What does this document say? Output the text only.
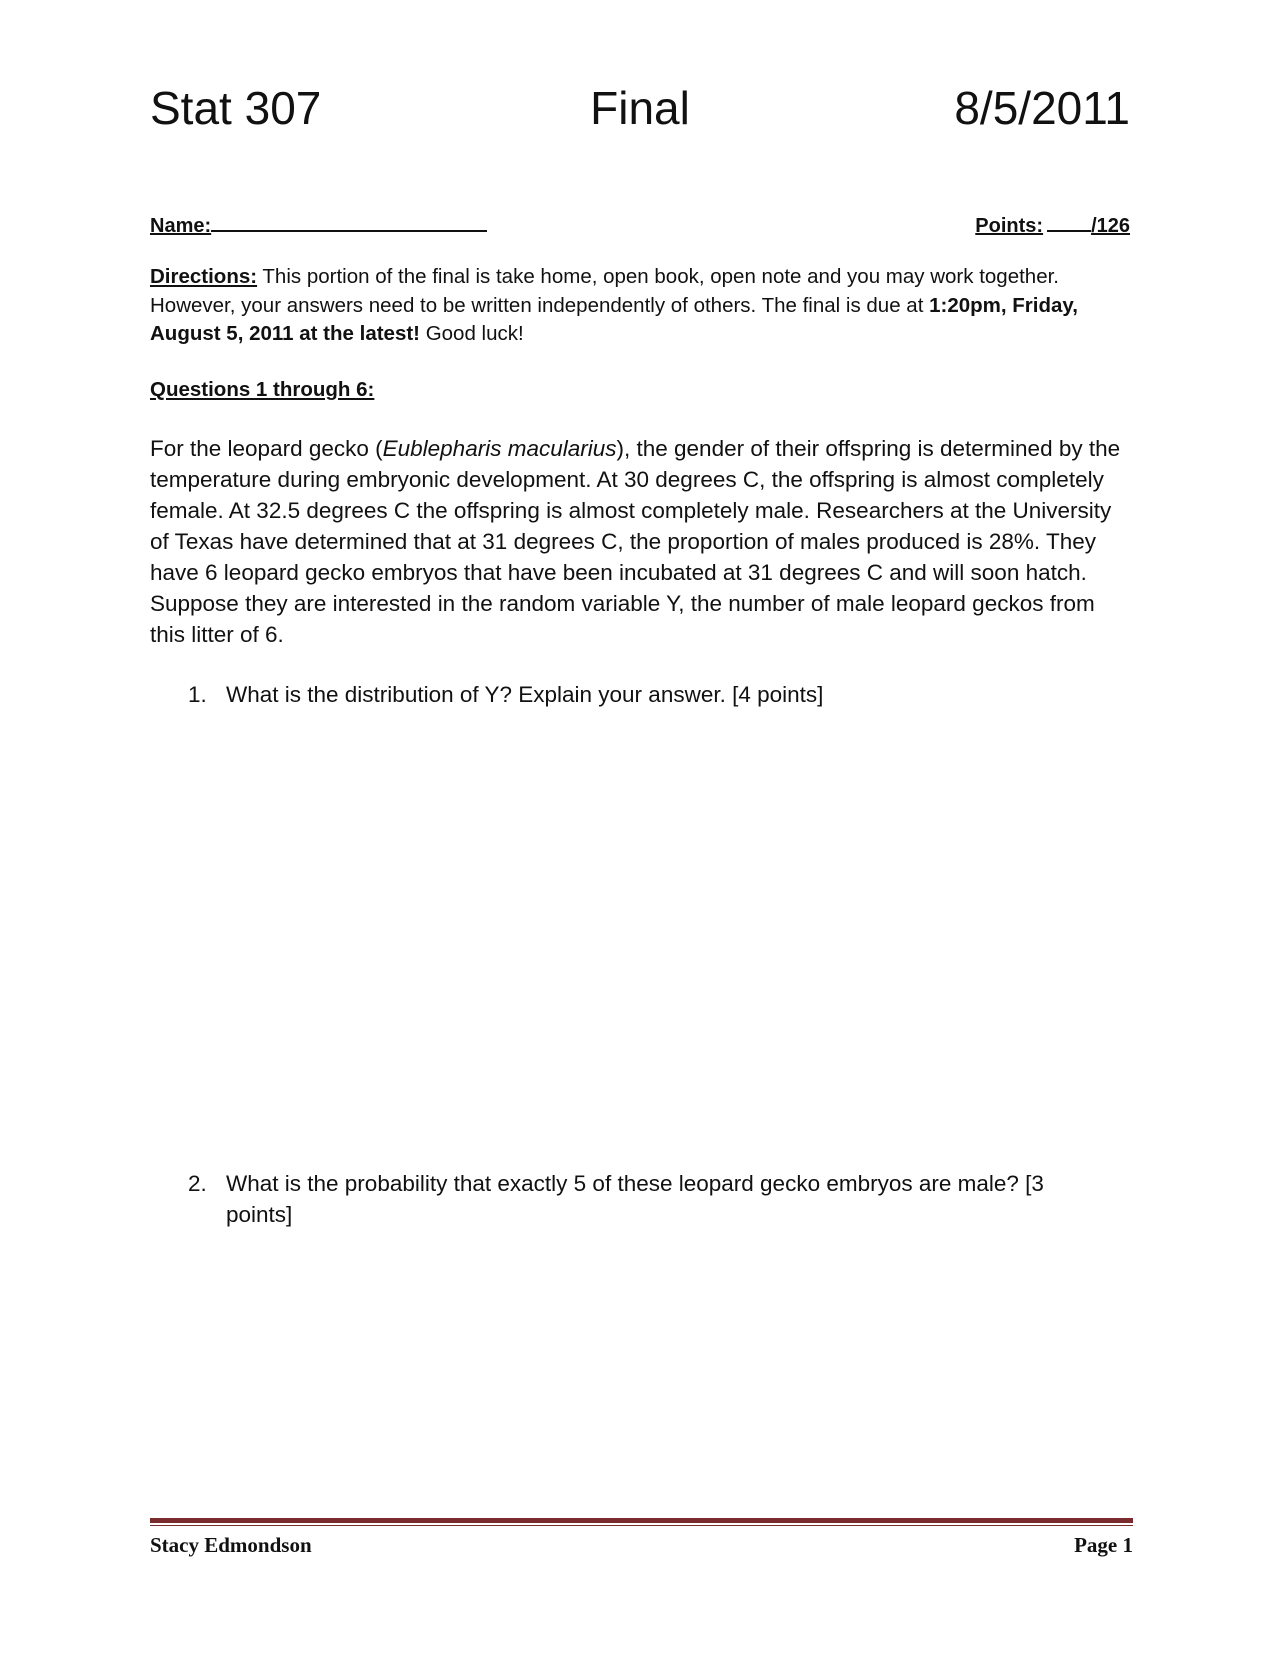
Stat 307	Final	8/5/2011
Name:	Points: /126
Directions: This portion of the final is take home, open book, open note and you may work together. However, your answers need to be written independently of others. The final is due at 1:20pm, Friday, August 5, 2011 at the latest! Good luck!
Questions 1 through 6:
For the leopard gecko (Eublepharis macularius), the gender of their offspring is determined by the temperature during embryonic development. At 30 degrees C, the offspring is almost completely female. At 32.5 degrees C the offspring is almost completely male. Researchers at the University of Texas have determined that at 31 degrees C, the proportion of males produced is 28%. They have 6 leopard gecko embryos that have been incubated at 31 degrees C and will soon hatch. Suppose they are interested in the random variable Y, the number of male leopard geckos from this litter of 6.
1. What is the distribution of Y? Explain your answer. [4 points]
2. What is the probability that exactly 5 of these leopard gecko embryos are male? [3 points]
Stacy Edmondson	Page 1
